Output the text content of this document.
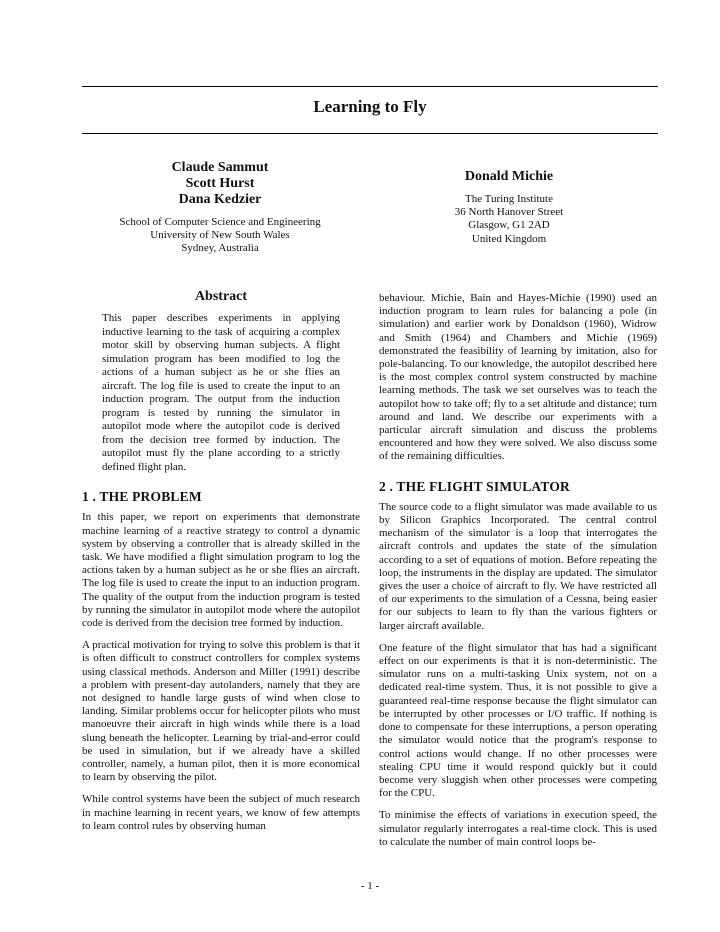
Learning to Fly
Claude Sammut
Scott Hurst
Dana Kedzier
School of Computer Science and Engineering
University of New South Wales
Sydney, Australia
Donald Michie
The Turing Institute
36 North Hanover Street
Glasgow, G1 2AD
United Kingdom
Abstract
This paper describes experiments in applying inductive learning to the task of acquiring a complex motor skill by observing human subjects. A flight simulation program has been modified to log the actions of a human subject as he or she flies an aircraft. The log file is used to create the input to an induction program. The output from the induction program is tested by running the simulator in autopilot mode where the autopilot code is derived from the decision tree formed by induction. The autopilot must fly the plane according to a strictly defined flight plan.
1 . THE PROBLEM

In this paper, we report on experiments that demonstrate machine learning of a reactive strategy to control a dynamic system by observing a controller that is already skilled in the task. We have modified a flight simulation program to log the actions taken by a human subject as he or she flies an aircraft. The log file is used to create the input to an induction program. The quality of the output from the induction program is tested by running the simulator in autopilot mode where the autopilot code is derived from the decision tree formed by induction.

A practical motivation for trying to solve this problem is that it is often difficult to construct controllers for complex systems using classical methods. Anderson and Miller (1991) describe a problem with present-day autolanders, namely that they are not designed to handle large gusts of wind when close to landing. Similar problems occur for helicopter pilots who must manoeuvre their aircraft in high winds while there is a load slung beneath the helicopter. Learning by trial-and-error could be used in simulation, but if we already have a skilled controller, namely, a human pilot, then it is more economical to learn by observing the pilot.

While control systems have been the subject of much research in machine learning in recent years, we know of few attempts to learn control rules by observing human

behaviour. Michie, Bain and Hayes-Michie (1990) used an induction program to learn rules for balancing a pole (in simulation) and earlier work by Donaldson (1960), Widrow and Smith (1964) and Chambers and Michie (1969) demonstrated the feasibility of learning by imitation, also for pole-balancing. To our knowledge, the autopilot described here is the most complex control system constructed by machine learning methods. The task we set ourselves was to teach the autopilot how to take off; fly to a set altitude and distance; turn around and land. We describe our experiments with a particular aircraft simulation and discuss the problems encountered and how they were solved. We also discuss some of the remaining difficulties.

2 . THE FLIGHT SIMULATOR

The source code to a flight simulator was made available to us by Silicon Graphics Incorporated. The central control mechanism of the simulator is a loop that interrogates the aircraft controls and updates the state of the simulation according to a set of equations of motion. Before repeating the loop, the instruments in the display are updated. The simulator gives the user a choice of aircraft to fly. We have restricted all of our experiments to the simulation of a Cessna, being easier for our subjects to learn to fly than the various fighters or larger aircraft available.

One feature of the flight simulator that has had a significant effect on our experiments is that it is non-deterministic. The simulator runs on a multi-tasking Unix system, not on a dedicated real-time system. Thus, it is not possible to give a guaranteed real-time response because the flight simulator can be interrupted by other processes or I/O traffic. If nothing is done to compensate for these interruptions, a person operating the simulator would notice that the program's response to control actions would change. If no other processes were stealing CPU time it would respond quickly but it could become very sluggish when other processes were competing for the CPU.

To minimise the effects of variations in execution speed, the simulator regularly interrogates a real-time clock. This is used to calculate the number of main control loops be-

- 1 -
